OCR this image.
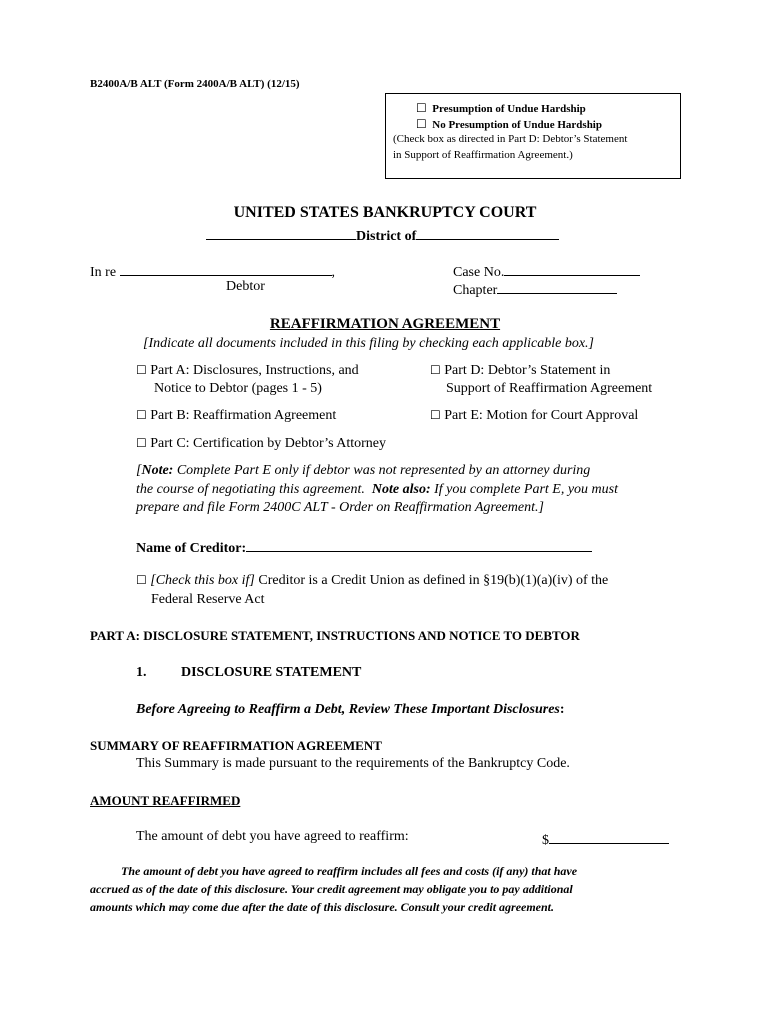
B2400A/B ALT (Form 2400A/B ALT) (12/15)
☐ Presumption of Undue Hardship
☐ No Presumption of Undue Hardship
(Check box as directed in Part D: Debtor’s Statement
in Support of Reaffirmation Agreement.)
UNITED STATES BANKRUPTCY COURT
District of
In re	,
Debtor
Case No.
Chapter
REAFFIRMATION AGREEMENT
[Indicate all documents included in this filing by checking each applicable box.]
☐ Part A: Disclosures, Instructions, and
Notice to Debtor (pages 1 - 5)
☐ Part D: Debtor’s Statement in
Support of Reaffirmation Agreement
☐ Part B: Reaffirmation Agreement	☐ Part E: Motion for Court Approval
☐ Part C: Certification by Debtor’s Attorney
[Note: Complete Part E only if debtor was not represented by an attorney during
the course of negotiating this agreement.  Note also: If you complete Part E, you must
prepare and file Form 2400C ALT - Order on Reaffirmation Agreement.]
Name of Creditor:
☐ [Check this box if] Creditor is a Credit Union as defined in §19(b)(1)(a)(iv) of the
Federal Reserve Act
PART A: DISCLOSURE STATEMENT, INSTRUCTIONS AND NOTICE TO DEBTOR
1. DISCLOSURE STATEMENT
Before Agreeing to Reaffirm a Debt, Review These Important Disclosures:
SUMMARY OF REAFFIRMATION AGREEMENT
This Summary is made pursuant to the requirements of the Bankruptcy Code.
AMOUNT REAFFIRMED
The amount of debt you have agreed to reaffirm:	$
The amount of debt you have agreed to reaffirm includes all fees and costs (if any) that have
accrued as of the date of this disclosure. Your credit agreement may obligate you to pay additional
amounts which may come due after the date of this disclosure. Consult your credit agreement.
